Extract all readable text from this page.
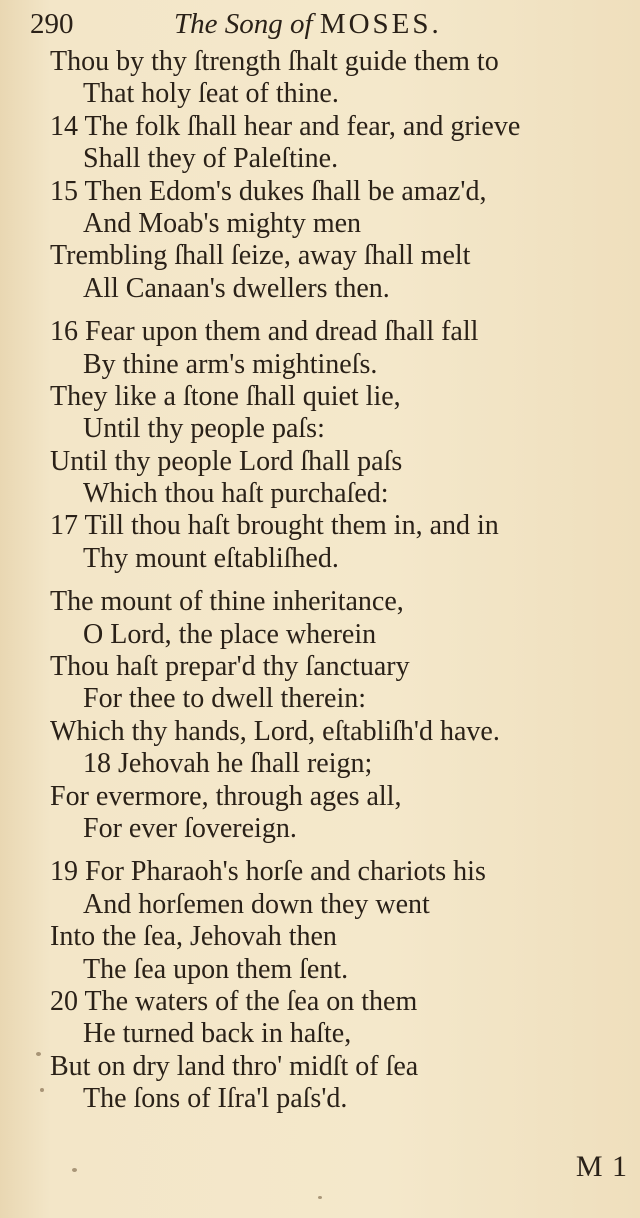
290	The Song of MOSES.
Thou by thy ſtrength ſhalt guide them to
That holy ſeat of thine.
14 The folk ſhall hear and fear, and grieve
Shall they of Paleſtine.
15 Then Edom's dukes ſhall be amaz'd,
And Moab's mighty men
Trembling ſhall ſeize, away ſhall melt
All Canaan's dwellers then.
16 Fear upon them and dread ſhall fall
By thine arm's mightineſs.
They like a ſtone ſhall quiet lie,
Until thy people paſs:
Until thy people Lord ſhall paſs
Which thou haſt purchaſed:
17 Till thou haſt brought them in, and in
Thy mount eſtabliſhed.
The mount of thine inheritance,
O Lord, the place wherein
Thou haſt prepar'd thy ſanctuary
For thee to dwell therein:
Which thy hands, Lord, eſtabliſh'd have.
18 Jehovah he ſhall reign;
For evermore, through ages all,
For ever ſovereign.
19 For Pharaoh's horſe and chariots his
And horſemen down they went
Into the ſea, Jehovah then
The ſea upon them ſent.
20 The waters of the ſea on them
He turned back in haſte,
But on dry land thro' midſt of ſea
The ſons of Iſra'l paſs'd.
M 1
